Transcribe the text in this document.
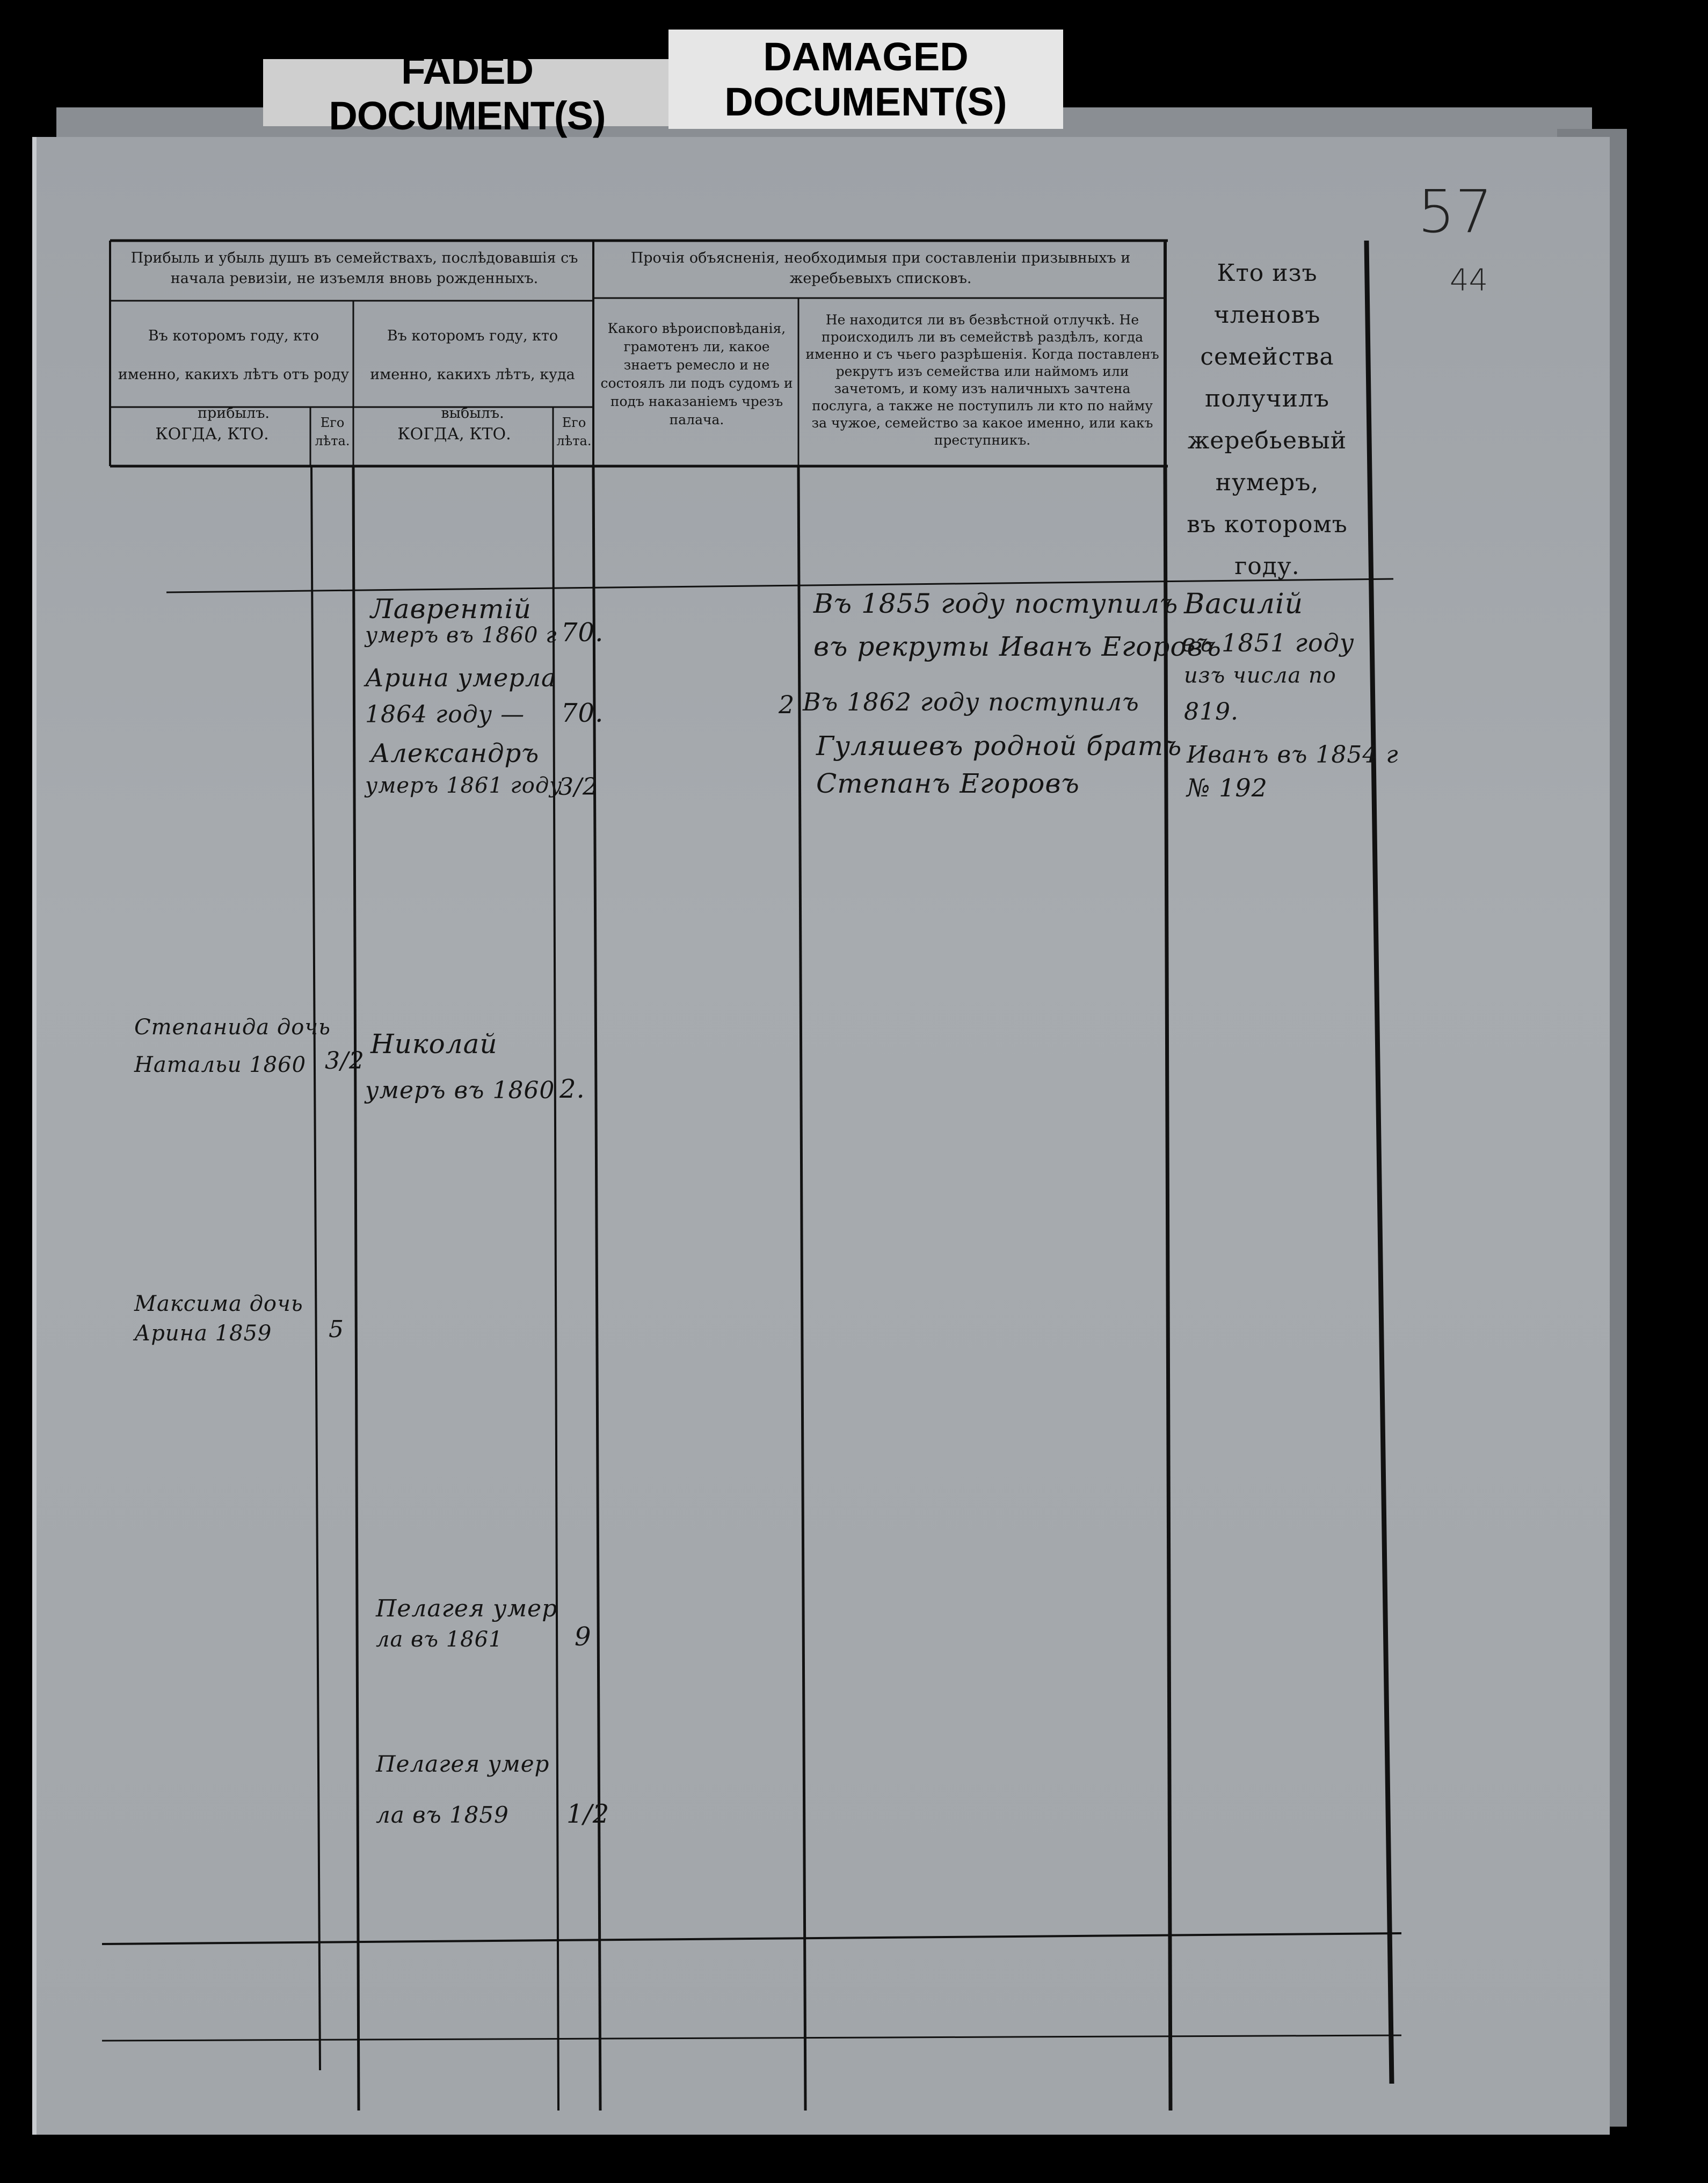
FADED DOCUMENT(S)
DAMAGED
DOCUMENT(S)
57
44
Прибыль и убыль душъ въ семействахъ, послѣдовавшія съ начала ревизіи, не изъемля вновь рожденныхъ.
Прочія объясненія, необходимыя при составленіи призывныхъ и жеребьевыхъ списковъ.
Въ которомъ году, кто именно, какихъ лѣтъ отъ роду прибылъ.
Въ которомъ году, кто именно, какихъ лѣтъ, куда выбылъ.
КОГДА, КТО.
Его лѣта.	КОГДА, КТО.
Его лѣта.
Какого вѣроисповѣданія, грамотенъ ли, какое знаетъ ремесло и не состоялъ ли подъ судомъ и подъ наказаніемъ чрезъ палача.
Не находится ли въ безвѣстной отлучкѣ. Не происходилъ ли въ семействѣ раздѣлъ, когда именно и съ чьего разрѣшенія. Когда поставленъ рекрутъ изъ семейства или наймомъ или зачетомъ, и кому изъ наличныхъ зачтена послуга, а также не поступилъ ли кто по найму за чужое, семейство за какое именно, или какъ преступникъ.
Кто изъ членовъ
семейства получилъ
жеребьевый нумеръ,
въ которомъ году.
Лаврентiй
умеръ въ 1860 г 70.
Арина умерла
1864 году — 70.
Александръ
умеръ 1861 году
3/2
Николай
умеръ въ 1860 2.
Пелагея умер
ла въ 1861	9
Пелагея умер
ла въ 1859 1/2
Степанида дочь
Натальи 1860 3/2
Максима дочь
Арина 1859 5
Въ 1855 году поступилъ
въ рекруты Иванъ Егоровъ
2 Въ 1862 году поступилъ
Гуляшевъ родной братъ
Степанъ Егоровъ
Василiй
въ 1851 году
изъ числа по
819.
Иванъ въ 1854 г
№ 192
